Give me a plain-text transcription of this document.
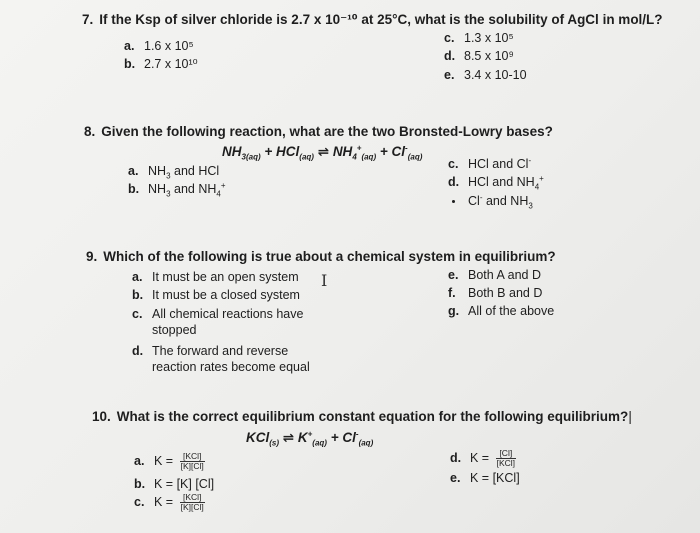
7. If the Ksp of silver chloride is 2.7 x 10⁻¹⁰ at 25°C, what is the solubility of AgCl in mol/L?
a. 1.6 x 10⁵
b. 2.7 x 10¹⁰
c. 1.3 x 10⁵
d. 8.5 x 10⁹
e. 3.4 x 10-10
8. Given the following reaction, what are the two Bronsted-Lowry bases?
$NH_{3(aq)} + HCl_{(aq)}$ ⇌ $NH_4^+_{(aq)} + Cl^-_{(aq)}$
a. $NH_3$ and HCl
b. $NH_3$ and $NH_4^+$
c. HCl and Cl-
d. HCl and $NH_4^+$
Cl- and $NH_3$
9. Which of the following is true about a chemical system in equilibrium?
a. It must be an open system
b. It must be a closed system
c. All chemical reactions have
stopped
d. The forward and reverse
reaction rates become equal
I	e. Both A and D
f. Both B and D
g. All of the above
10. What is the correct equilibrium constant equation for the following equilibrium?|
KCl$_{(s)}$ ⇌ $K^+_{(aq)} + Cl^-_{(aq)}$
a. $K = \frac{\text{[KCl]}}{[K][Cl]}$
b. K = [K] [Cl]
c. $K = \frac{\text{[KCl]}}{[K][Cl]}$
d. $K = \frac{[Cl]}{\text{[KCl]}}$
e. K = [KCl]
